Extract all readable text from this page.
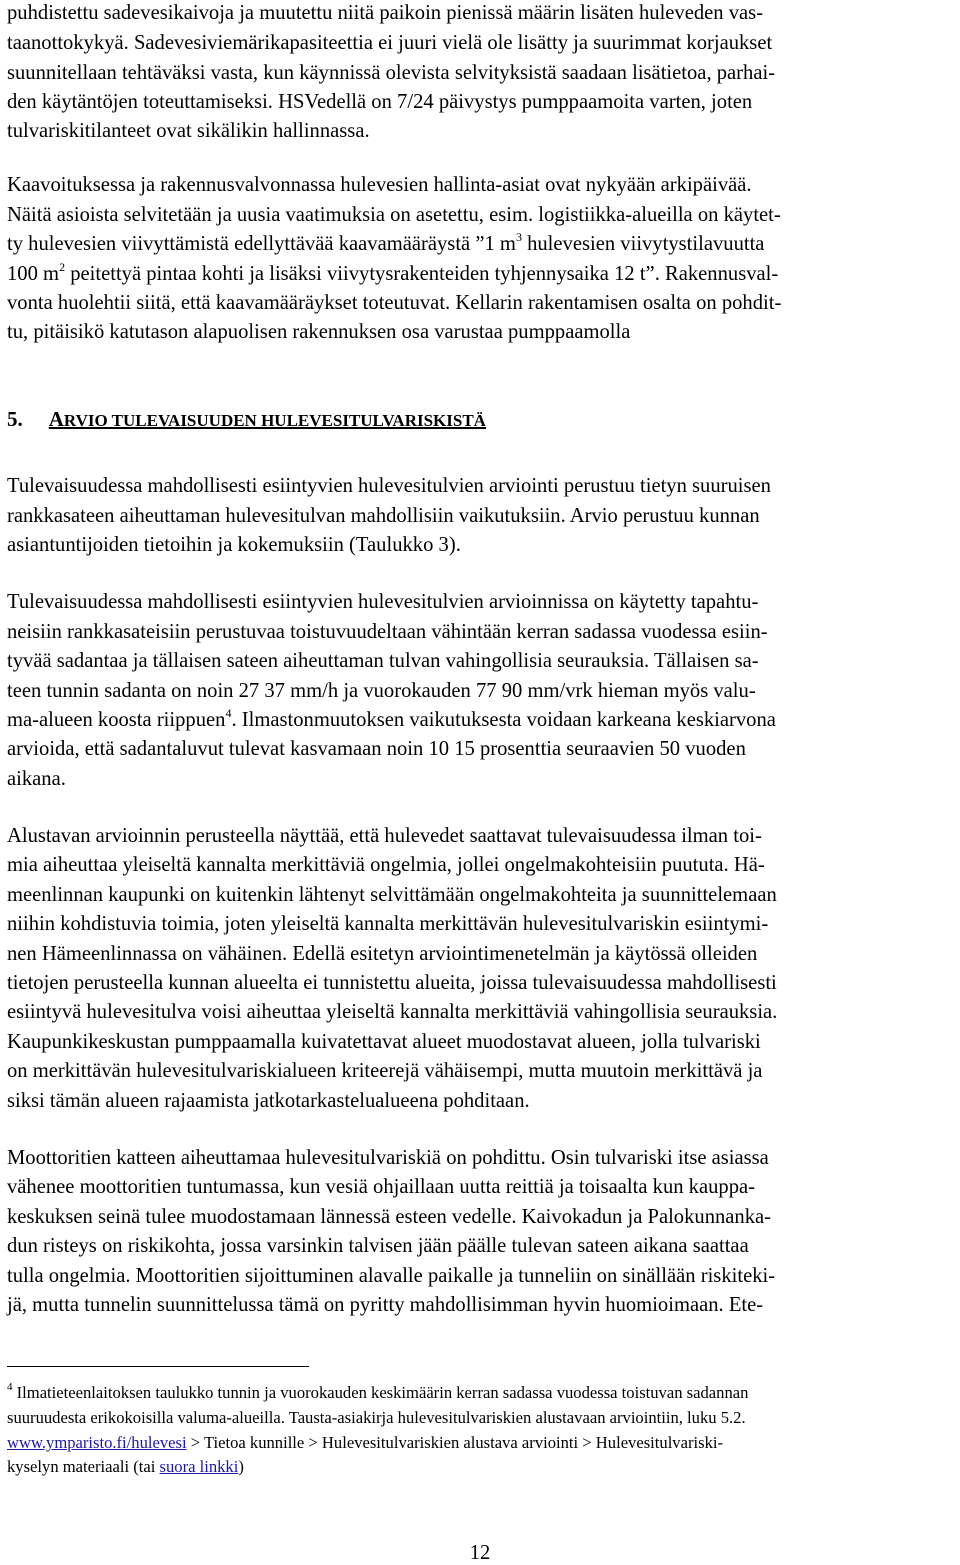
puhdistettu sadevesikaivoja ja muutettu niitä paikoin pienissä määrin lisäten huleveden vas-
taanottokykyä. Sadevesiviemärikapasiteettia ei juuri vielä ole lisätty ja suurimmat korjaukset
suunnitellaan tehtäväksi vasta, kun käynnissä olevista selvityksistä saadaan lisätietoa, parhai-
den käytäntöjen toteuttamiseksi. HSVedellä on 7/24 päivystys pumppaamoita varten, joten
tulvariskitilanteet ovat sikälikin hallinnassa.
Kaavoituksessa ja rakennusvalvonnassa hulevesien hallinta-asiat ovat nykyään arkipäivää.
Näitä asioista selvitetään ja uusia vaatimuksia on asetettu, esim. logistiikka-alueilla on käytet-
ty hulevesien viivyttämistä edellyttävää kaavamääräystä ”1 $m^3$ hulevesien viivytystilavuutta
100 $m^2$ peitettyä pintaa kohti ja lisäksi viivytysrakenteiden tyhjennysaika 12 t”. Rakennusval-
vonta huolehtii siitä, että kaavamääräykset toteutuvat. Kellarin rakentamisen osalta on pohdit-
tu, pitäisikö katutason alapuolisen rakennuksen osa varustaa pumppaamolla
5. ARVIO TULEVAISUUDEN HULEVESITULVARISKISTÄ
Tulevaisuudessa mahdollisesti esiintyvien hulevesitulvien arviointi perustuu tietyn suuruisen
rankkasateen aiheuttaman hulevesitulvan mahdollisiin vaikutuksiin. Arvio perustuu kunnan
asiantuntijoiden tietoihin ja kokemuksiin (Taulukko 3).
Tulevaisuudessa mahdollisesti esiintyvien hulevesitulvien arvioinnissa on käytetty tapahtu-
neisiin rankkasateisiin perustuvaa toistuvuudeltaan vähintään kerran sadassa vuodessa esiin-
tyvää sadantaa ja tällaisen sateen aiheuttaman tulvan vahingollisia seurauksia. Tällaisen sa-
teen tunnin sadanta on noin 27 37 mm/h ja vuorokauden 77 90 mm/vrk hieman myös valu-
ma-alueen koosta riippuen$^4$. Ilmastonmuutoksen vaikutuksesta voidaan karkeana keskiarvona
arvioida, että sadantaluvut tulevat kasvamaan noin 10 15 prosenttia seuraavien 50 vuoden
aikana.
Alustavan arvioinnin perusteella näyttää, että hulevedet saattavat tulevaisuudessa ilman toi-
mia aiheuttaa yleiseltä kannalta merkittäviä ongelmia, jollei ongelmakohteisiin puututa. Hä-
meenlinnan kaupunki on kuitenkin lähtenyt selvittämään ongelmakohteita ja suunnittelemaan
niihin kohdistuvia toimia, joten yleiseltä kannalta merkittävän hulevesitulvariskin esiintymi-
nen Hämeenlinnassa on vähäinen. Edellä esitetyn arviointimenetelmän ja käytössä olleiden
tietojen perusteella kunnan alueelta ei tunnistettu alueita, joissa tulevaisuudessa mahdollisesti
esiintyvä hulevesitulva voisi aiheuttaa yleiseltä kannalta merkittäviä vahingollisia seurauksia.
Kaupunkikeskustan pumppaamalla kuivatettavat alueet muodostavat alueen, jolla tulvariski
on merkittävän hulevesitulvariskialueen kriteerejä vähäisempi, mutta muutoin merkittävä ja
siksi tämän alueen rajaamista jatkotarkastelualueena pohditaan.
Moottoritien katteen aiheuttamaa hulevesitulvariskiä on pohdittu. Osin tulvariski itse asiassa
vähenee moottoritien tuntumassa, kun vesiä ohjaillaan uutta reittiä ja toisaalta kun kauppa-
keskuksen seinä tulee muodostamaan lännessä esteen vedelle. Kaivokadun ja Palokunnanka-
dun risteys on riskikohta, jossa varsinkin talvisen jään päälle tulevan sateen aikana saattaa
tulla ongelmia. Moottoritien sijoittuminen alavalle paikalle ja tunneliin on sinällään riskiteki-
jä, mutta tunnelin suunnittelussa tämä on pyritty mahdollisimman hyvin huomioimaan. Ete-
$^4$ Ilmatieteenlaitoksen taulukko tunnin ja vuorokauden keskimäärin kerran sadassa vuodessa toistuvan sadannan
suuruudesta erikokoisilla valuma-alueilla. Tausta-asiakirja hulevesitulvariskien alustavaan arviointiin, luku 5.2.
www.ymparisto.fi/hulevesi > Tietoa kunnille > Hulevesitulvariskien alustava arviointi > Hulevesitulvariski-
kyselyn materiaali (tai suora linkki)
12
